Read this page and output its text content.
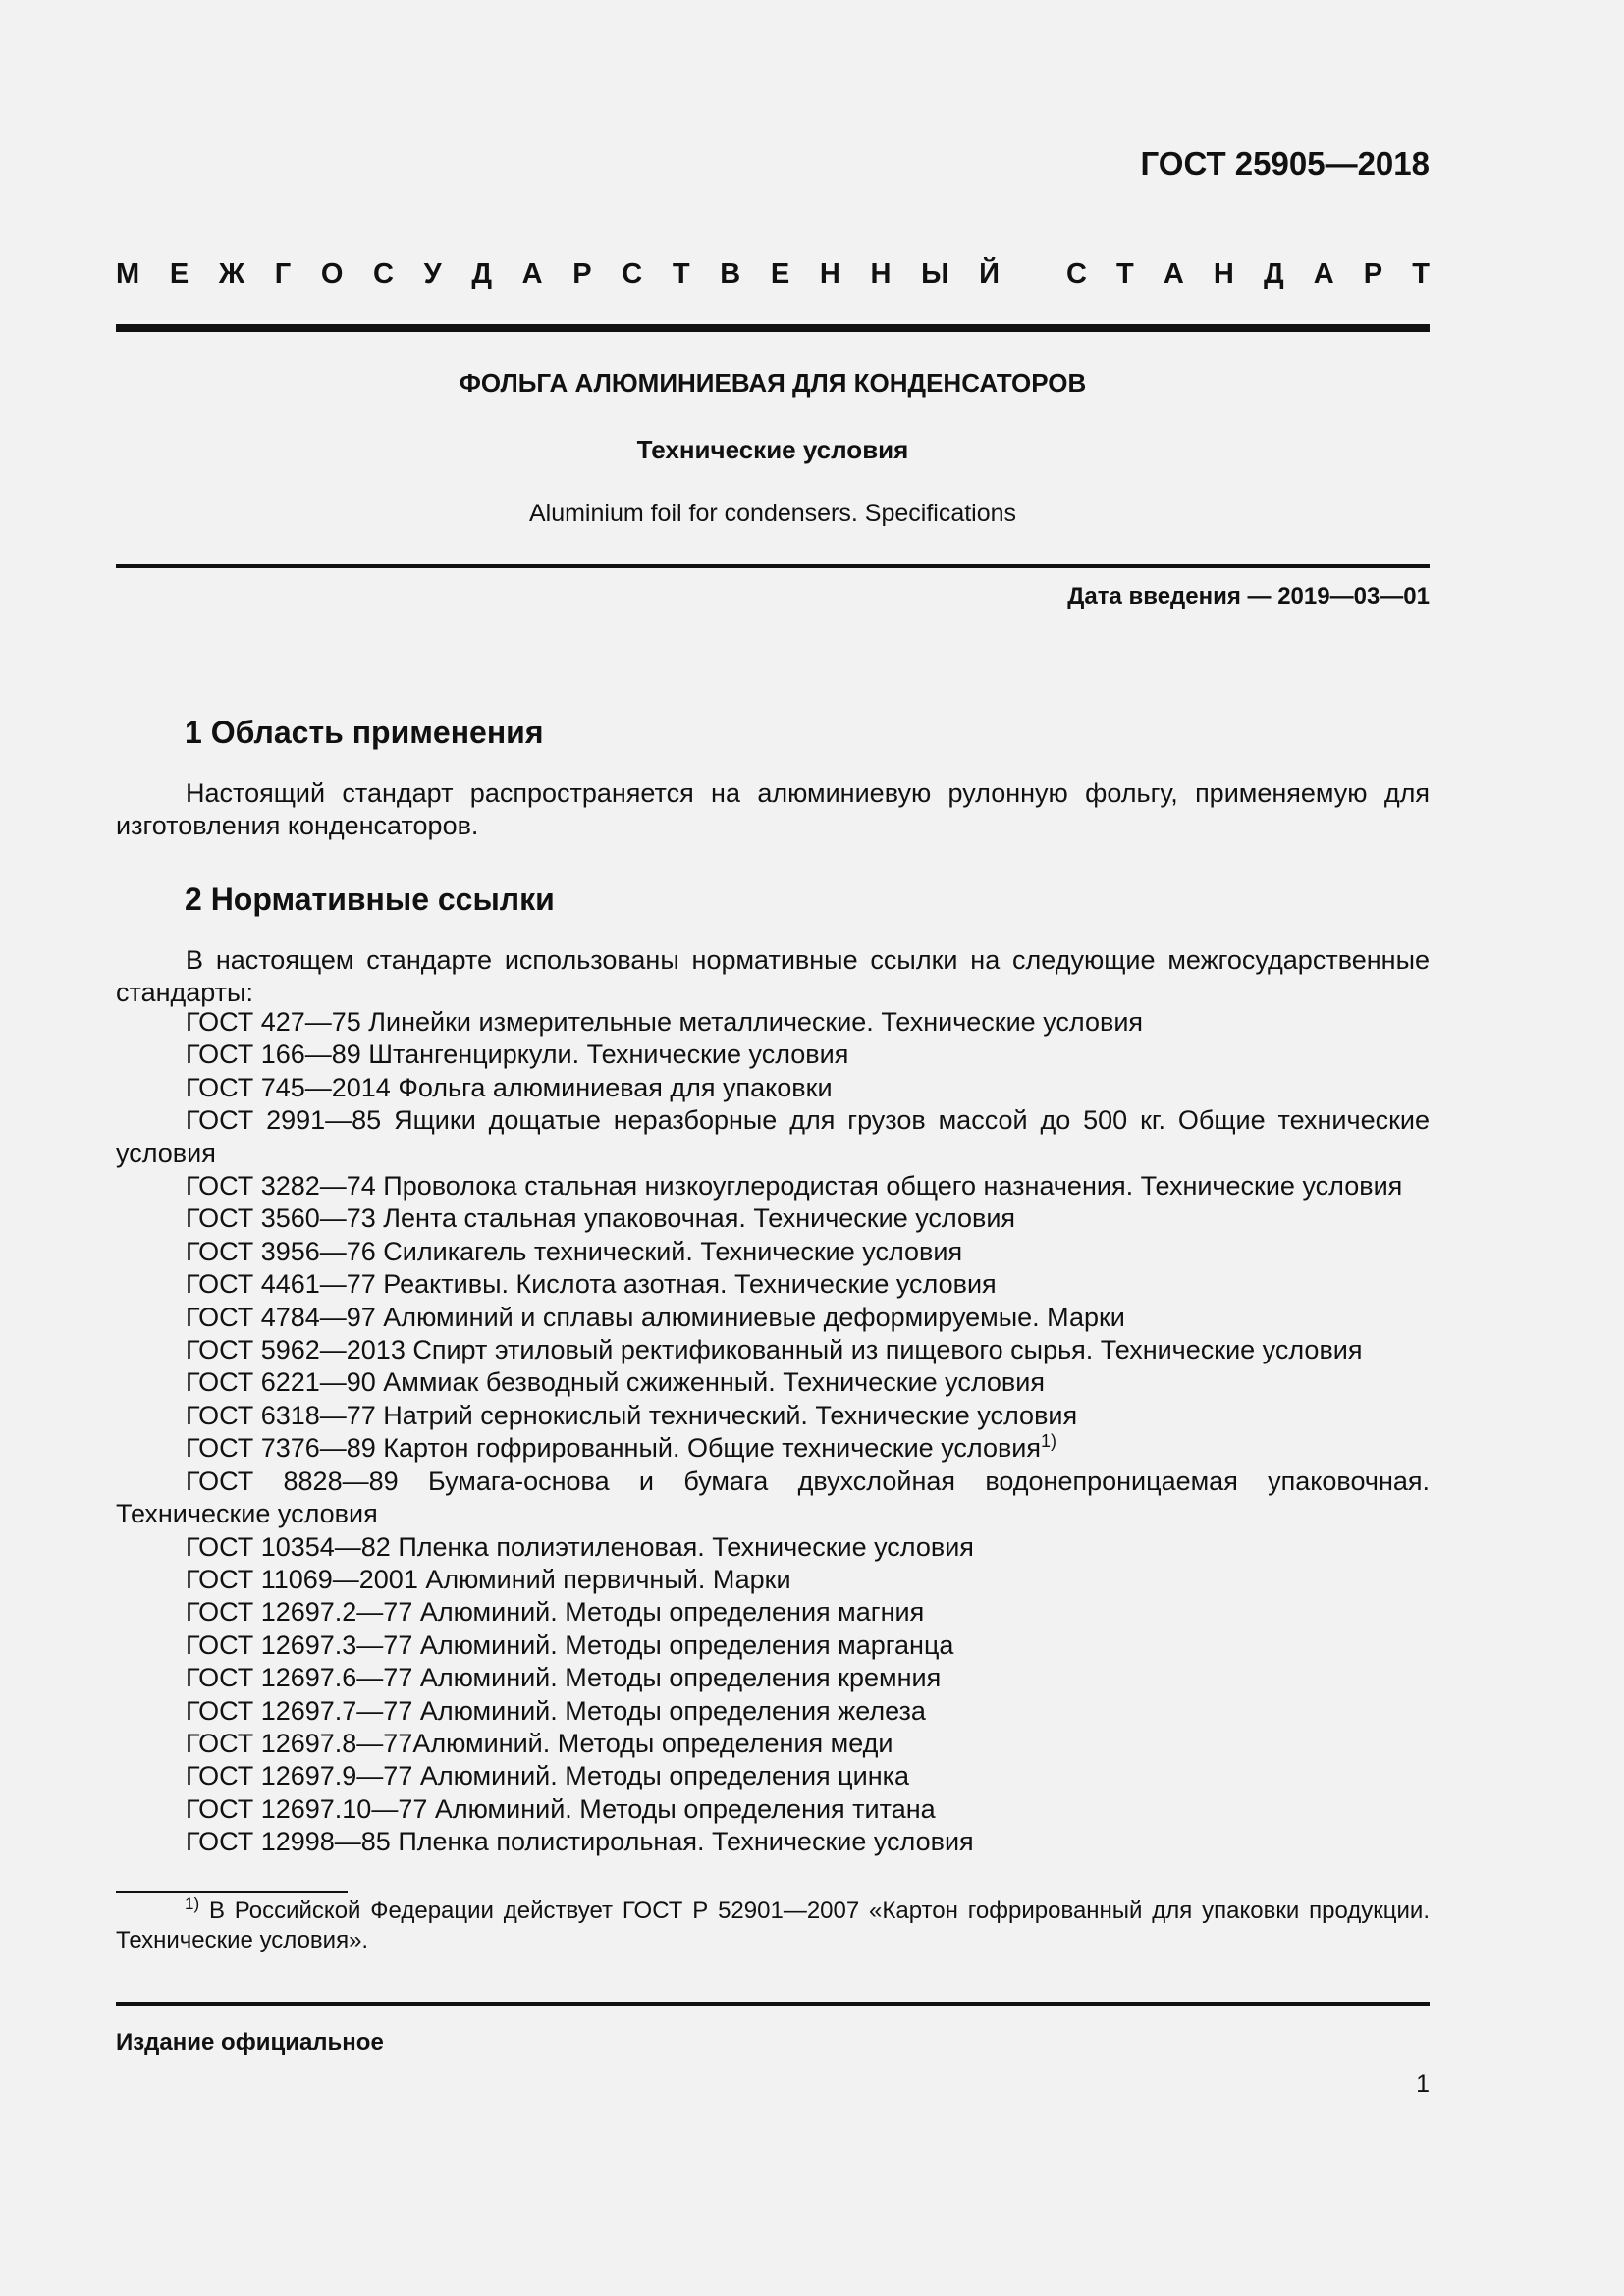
ГОСТ 25905—2018
М Е Ж Г О С У Д А Р С Т В Е Н Н Ы Й С Т А Н Д А Р Т
ФОЛЬГА АЛЮМИНИЕВАЯ ДЛЯ КОНДЕНСАТОРОВ
Технические условия
Aluminium foil for condensers. Specifications
Дата введения — 2019—03—01
1 Область применения
Настоящий стандарт распространяется на алюминиевую рулонную фольгу, применяемую для изготовления конденсаторов.
2 Нормативные ссылки
В настоящем стандарте использованы нормативные ссылки на следующие межгосударственные стандарты:

ГОСТ 427—75 Линейки измерительные металлические. Технические условия

ГОСТ 166—89 Штангенциркули. Технические условия

ГОСТ 745—2014 Фольга алюминиевая для упаковки

ГОСТ 2991—85 Ящики дощатые неразборные для грузов массой до 500 кг. Общие технические условия

ГОСТ 3282—74 Проволока стальная низкоуглеродистая общего назначения. Технические условия

ГОСТ 3560—73 Лента стальная упаковочная. Технические условия

ГОСТ 3956—76 Силикагель технический. Технические условия

ГОСТ 4461—77 Реактивы. Кислота азотная. Технические условия

ГОСТ 4784—97 Алюминий и сплавы алюминиевые деформируемые. Марки

ГОСТ 5962—2013 Спирт этиловый ректификованный из пищевого сырья. Технические условия

ГОСТ 6221—90 Аммиак безводный сжиженный. Технические условия

ГОСТ 6318—77 Натрий сернокислый технический. Технические условия

ГОСТ 7376—89 Картон гофрированный. Общие технические условия$^{1)}$

ГОСТ 8828—89 Бумага-основа и бумага двухслойная водонепроницаемая упаковочная. Технические условия

ГОСТ 10354—82 Пленка полиэтиленовая. Технические условия

ГОСТ 11069—2001 Алюминий первичный. Марки

ГОСТ 12697.2—77 Алюминий. Методы определения магния

ГОСТ 12697.3—77 Алюминий. Методы определения марганца

ГОСТ 12697.6—77 Алюминий. Методы определения кремния

ГОСТ 12697.7—77 Алюминий. Методы определения железа

ГОСТ 12697.8—77Алюминий. Методы определения меди

ГОСТ 12697.9—77 Алюминий. Методы определения цинка

ГОСТ 12697.10—77 Алюминий. Методы определения титана

ГОСТ 12998—85 Пленка полистирольная. Технические условия

$^{1)}$ В Российской Федерации действует ГОСТ Р 52901—2007 «Картон гофрированный для упаковки продукции. Технические условия».
Издание официальное
1
